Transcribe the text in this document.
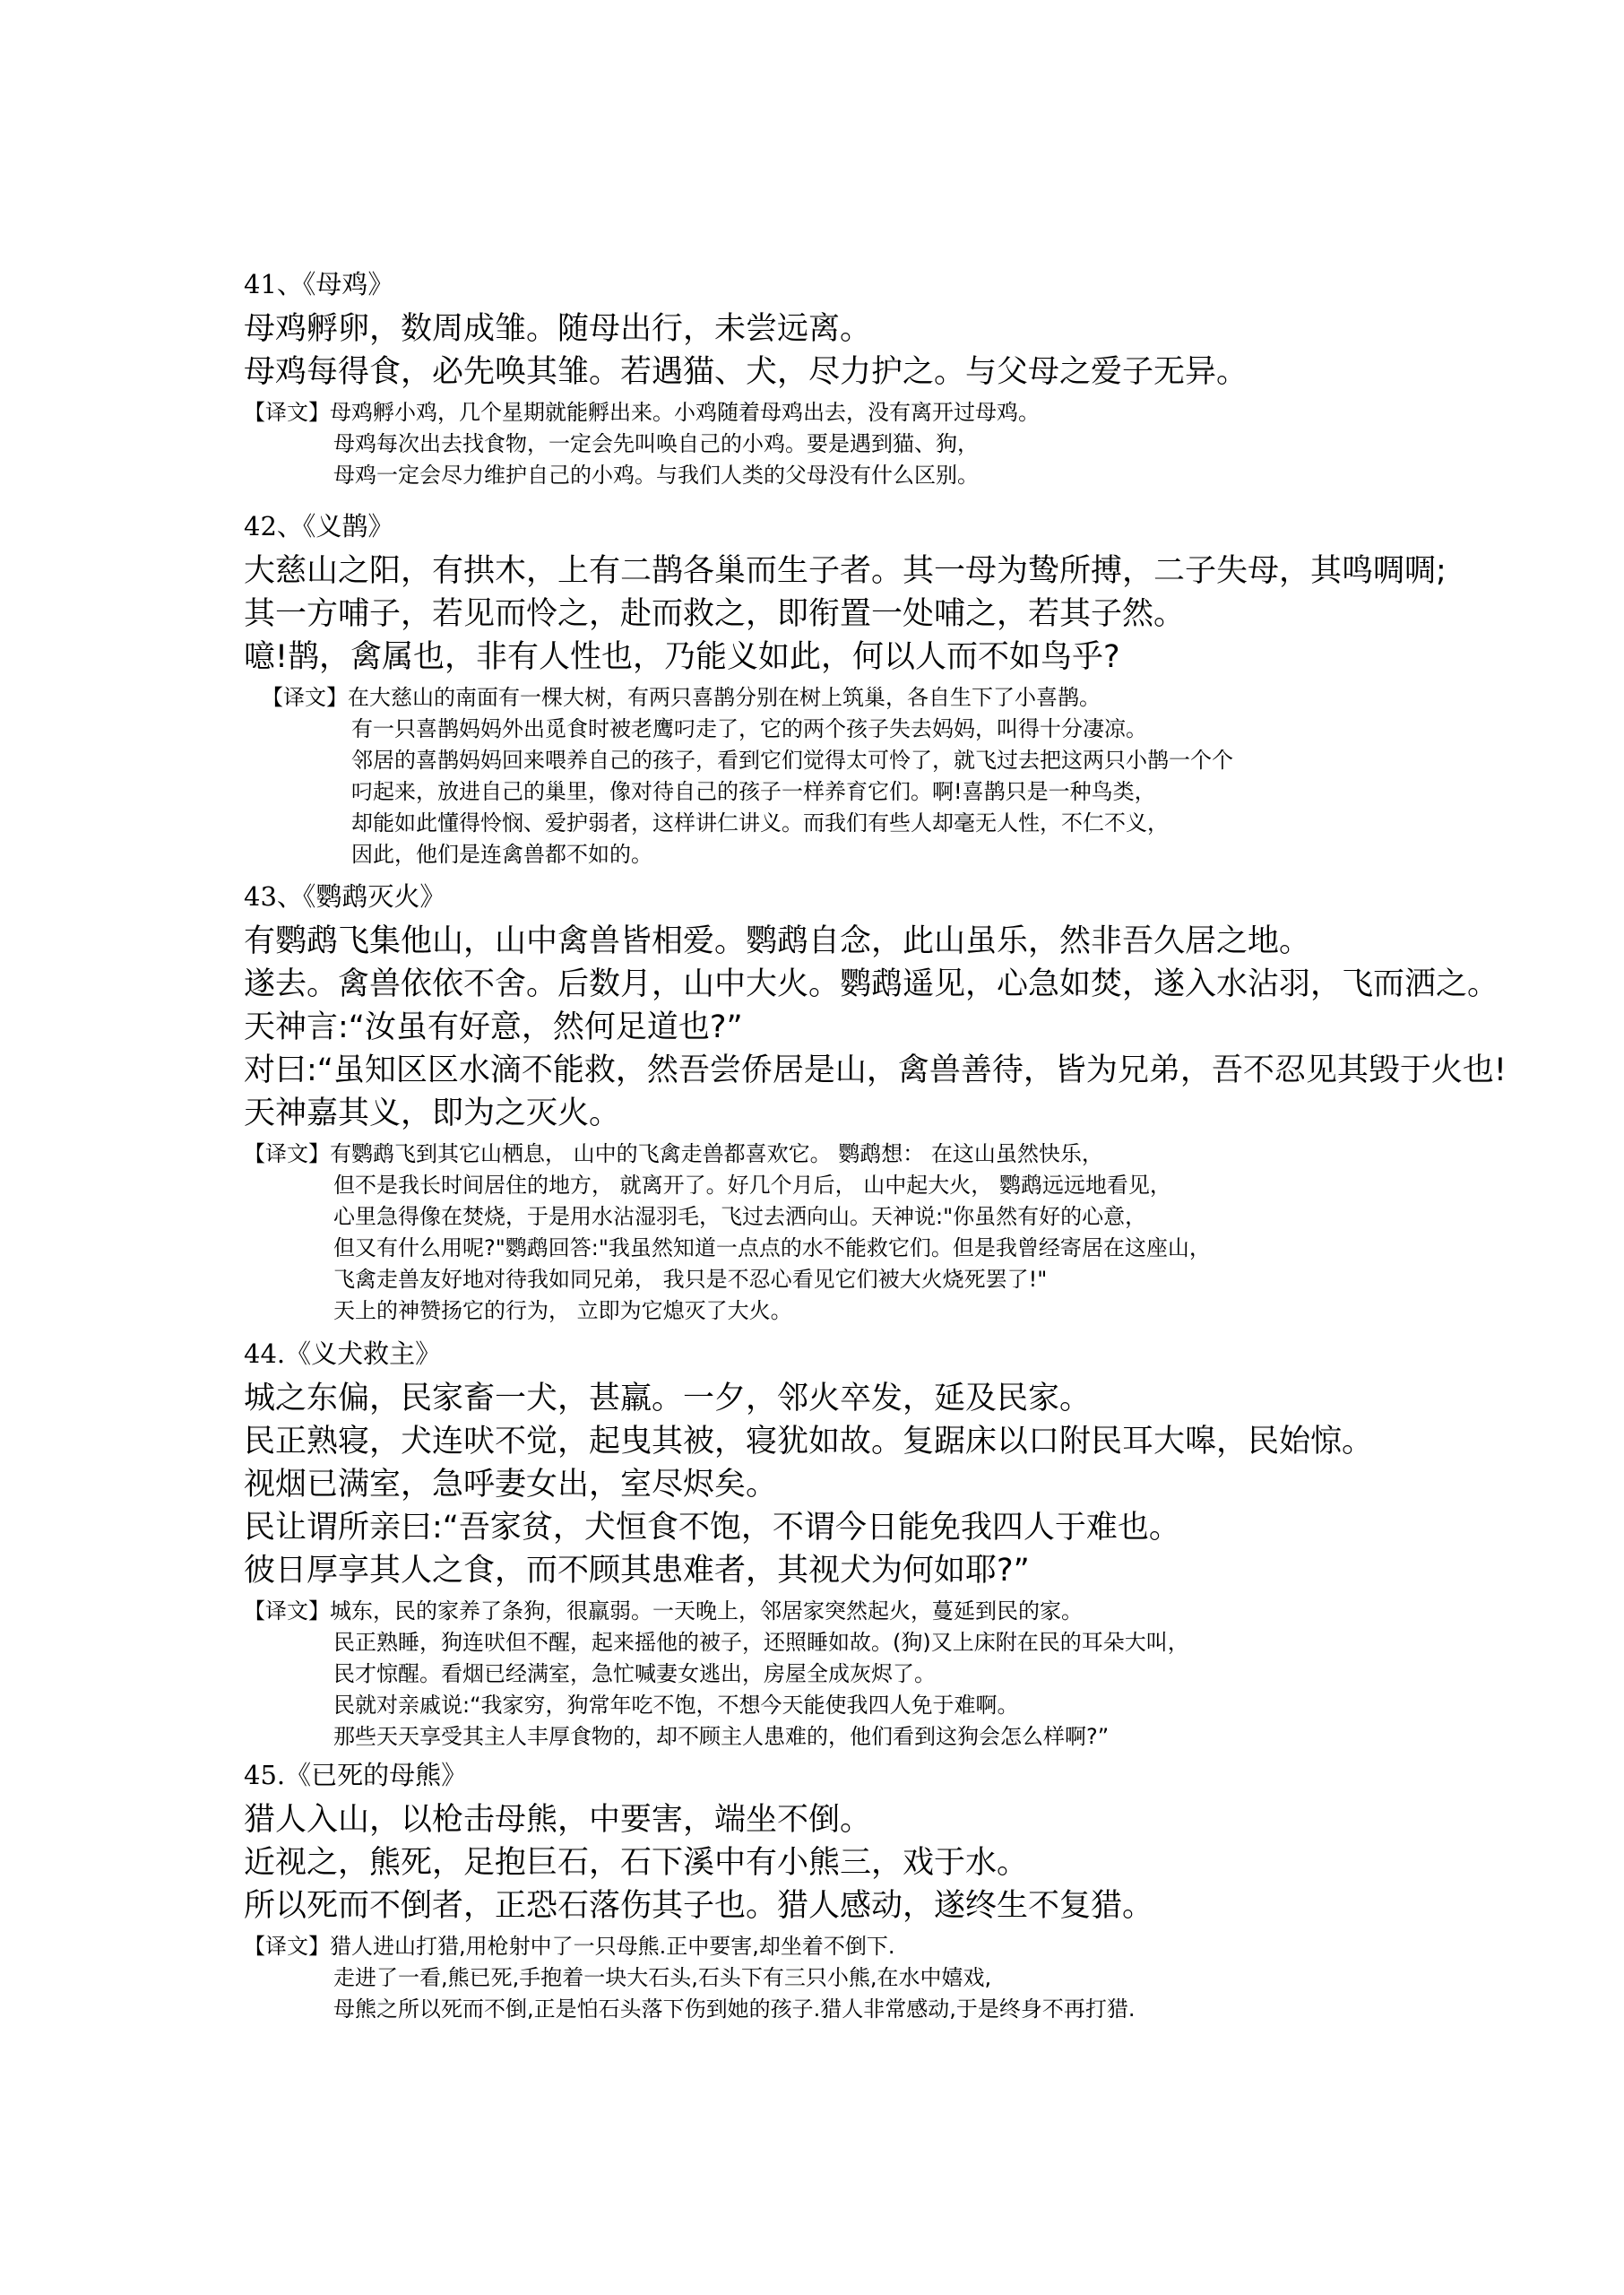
41、《母鸡》
母鸡孵卵，数周成雏。随母出行，未尝远离。
母鸡每得食，必先唤其雏。若遇猫、犬，尽力护之。与父母之爱子无异。
【译文】母鸡孵小鸡，几个星期就能孵出来。小鸡随着母鸡出去，没有离开过母鸡。
母鸡每次出去找食物，一定会先叫唤自己的小鸡。要是遇到猫、狗，
母鸡一定会尽力维护自己的小鸡。与我们人类的父母没有什么区别。
42、《义鹊》
大慈山之阳，有拱木，上有二鹊各巢而生子者。其一母为鸷所搏，二子失母，其鸣啁啁;
其一方哺子，若见而怜之，赴而救之，即衔置一处哺之，若其子然。
噫!鹊，禽属也，非有人性也，乃能义如此，何以人而不如鸟乎?
【译文】在大慈山的南面有一棵大树，有两只喜鹊分别在树上筑巢，各自生下了小喜鹊。
有一只喜鹊妈妈外出觅食时被老鹰叼走了，它的两个孩子失去妈妈，叫得十分凄凉。
邻居的喜鹊妈妈回来喂养自己的孩子，看到它们觉得太可怜了，就飞过去把这两只小鹊一个个
叼起来，放进自己的巢里，像对待自己的孩子一样养育它们。啊!喜鹊只是一种鸟类，
却能如此懂得怜悯、爱护弱者，这样讲仁讲义。而我们有些人却毫无人性，不仁不义，
因此，他们是连禽兽都不如的。
43、《鹦鹉灭火》
有鹦鹉飞集他山，山中禽兽皆相爱。鹦鹉自念，此山虽乐，然非吾久居之地。
遂去。禽兽依依不舍。后数月，山中大火。鹦鹉遥见，心急如焚，遂入水沾羽，飞而洒之。
天神言:“汝虽有好意，然何足道也?”
对曰:“虽知区区水滴不能救，然吾尝侨居是山，禽兽善待，皆为兄弟，吾不忍见其毁于火也!
天神嘉其义，即为之灭火。
【译文】有鹦鹉飞到其它山栖息， 山中的飞禽走兽都喜欢它。 鹦鹉想： 在这山虽然快乐，
但不是我长时间居住的地方， 就离开了。好几个月后， 山中起大火， 鹦鹉远远地看见，
心里急得像在焚烧，于是用水沾湿羽毛，飞过去洒向山。天神说:"你虽然有好的心意，
但又有什么用呢?"鹦鹉回答:"我虽然知道一点点的水不能救它们。但是我曾经寄居在这座山，
飞禽走兽友好地对待我如同兄弟， 我只是不忍心看见它们被大火烧死罢了!"
天上的神赞扬它的行为， 立即为它熄灭了大火。
44.《义犬救主》
城之东偏，民家畜一犬，甚羸。一夕，邻火卒发，延及民家。
民正熟寝，犬连吠不觉，起曳其被，寝犹如故。复踞床以口附民耳大嗥，民始惊。
视烟已满室，急呼妻女出，室尽烬矣。
民让谓所亲曰:“吾家贫，犬恒食不饱，不谓今日能免我四人于难也。
彼日厚享其人之食，而不顾其患难者，其视犬为何如耶?”
【译文】城东，民的家养了条狗，很羸弱。一天晚上，邻居家突然起火，蔓延到民的家。
民正熟睡，狗连吠但不醒，起来摇他的被子，还照睡如故。(狗)又上床附在民的耳朵大叫，
民才惊醒。看烟已经满室，急忙喊妻女逃出，房屋全成灰烬了。
民就对亲戚说:“我家穷，狗常年吃不饱，不想今天能使我四人免于难啊。
那些天天享受其主人丰厚食物的，却不顾主人患难的，他们看到这狗会怎么样啊?”
45.《已死的母熊》
猎人入山，以枪击母熊，中要害，端坐不倒。
近视之，熊死，足抱巨石，石下溪中有小熊三，戏于水。
所以死而不倒者，正恐石落伤其子也。猎人感动，遂终生不复猎。
【译文】猎人进山打猎,用枪射中了一只母熊.正中要害,却坐着不倒下.
走进了一看,熊已死,手抱着一块大石头,石头下有三只小熊,在水中嬉戏,
母熊之所以死而不倒,正是怕石头落下伤到她的孩子.猎人非常感动,于是终身不再打猎.
